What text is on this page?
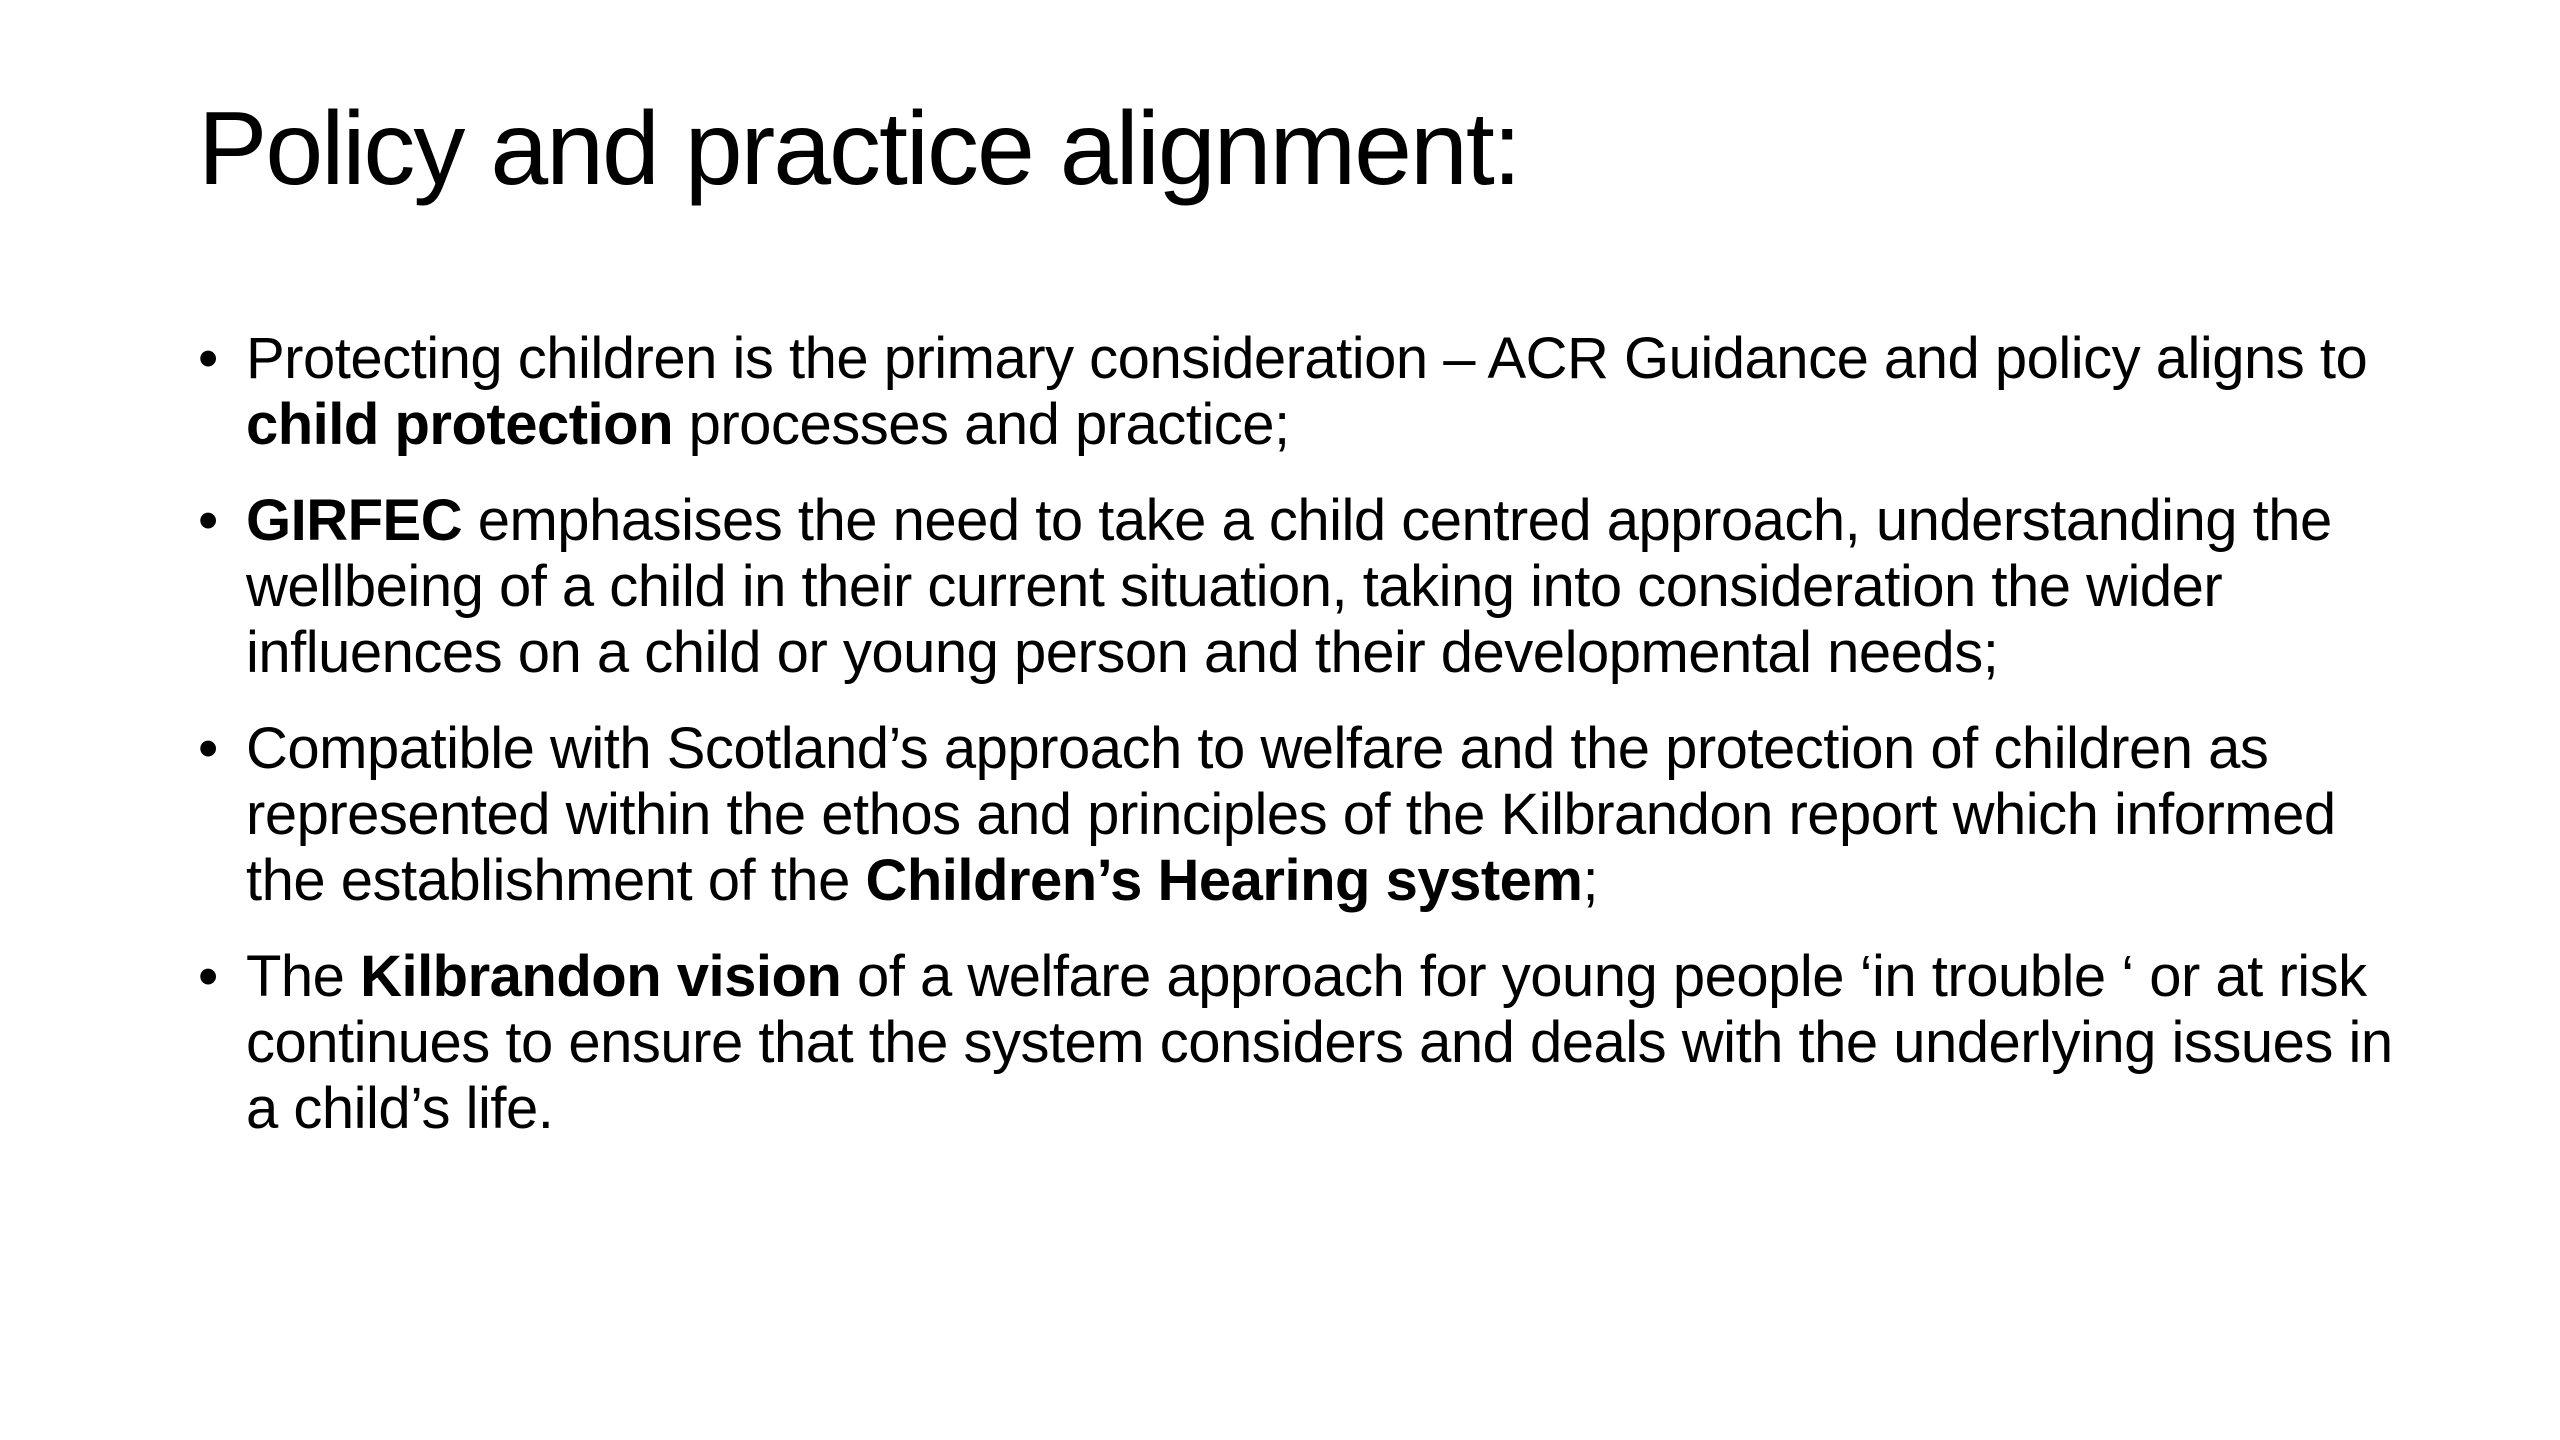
Policy and practice alignment:
• Protecting children is the primary consideration – ACR Guidance and policy aligns to child protection processes and practice;
• GIRFEC emphasises the need to take a child centred approach, understanding the wellbeing of a child in their current situation, taking into consideration the wider influences on a child or young person and their developmental needs;
• Compatible with Scotland’s approach to welfare and the protection of children as represented within the ethos and principles of the Kilbrandon report which informed the establishment of the Children’s Hearing system;
• The Kilbrandon vision of a welfare approach for young people ‘in trouble ‘ or at risk continues to ensure that the system considers and deals with the underlying issues in a child’s life.
